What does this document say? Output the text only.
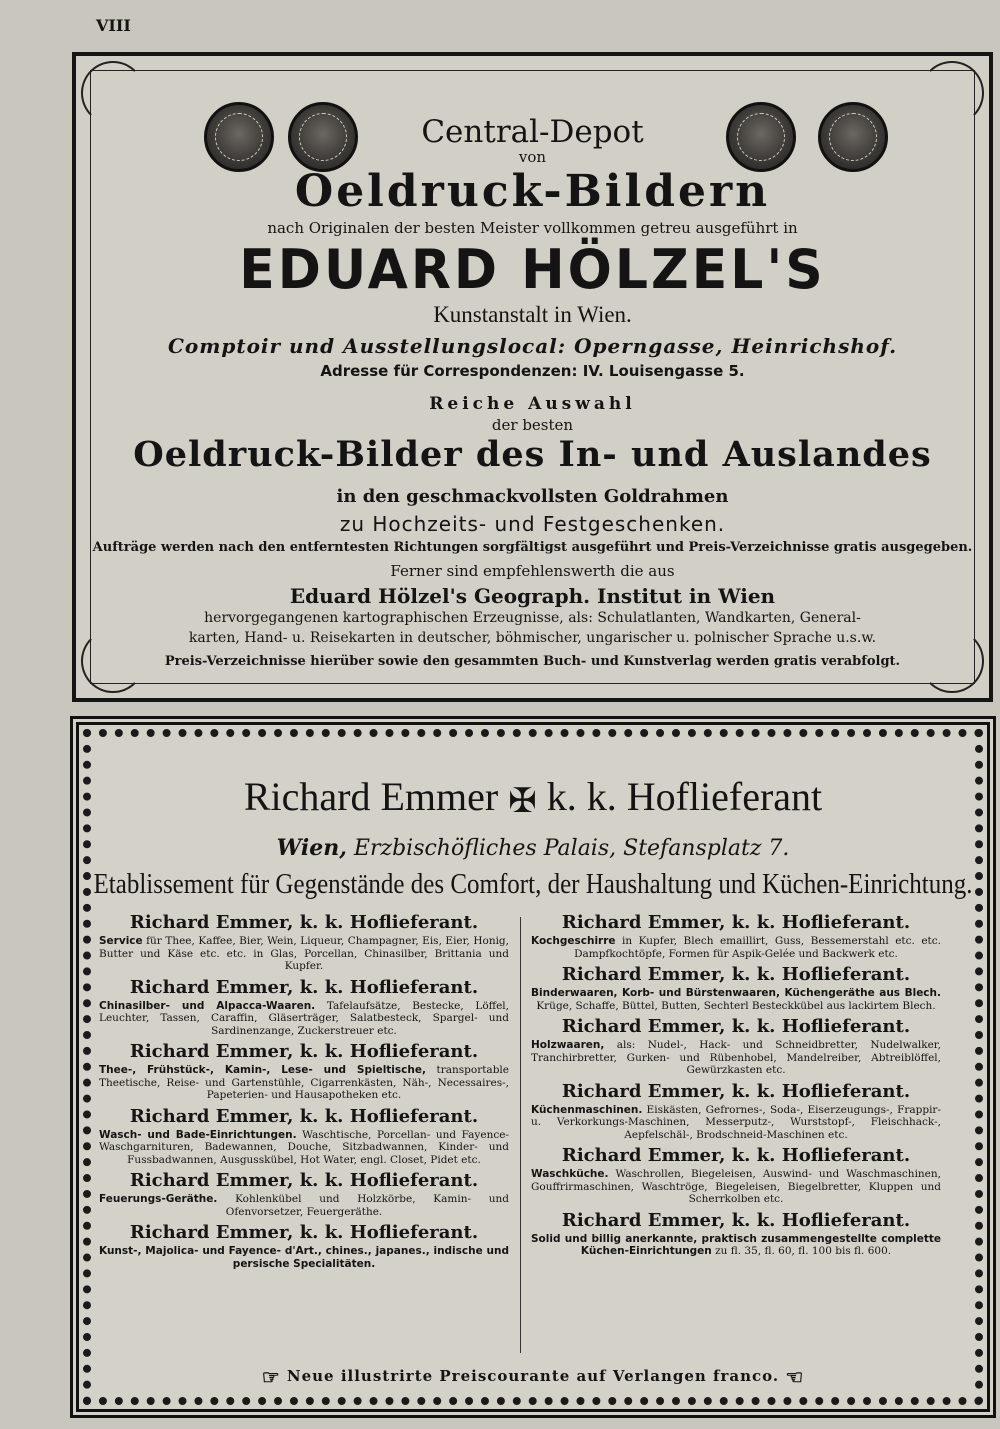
VIII
Central-Depot
von
Oeldruck-Bildern
nach Originalen der besten Meister vollkommen getreu ausgeführt in
EDUARD HÖLZEL'S
Kunstanstalt in Wien.
Comptoir und Ausstellungslocal: Operngasse, Heinrichshof.
Adresse für Correspondenzen: IV. Louisengasse 5.
Reiche Auswahl
der besten
Oeldruck-Bilder des In- und Auslandes
in den geschmackvollsten Goldrahmen
zu Hochzeits- und Festgeschenken.
Aufträge werden nach den entferntesten Richtungen sorgfältigst ausgeführt und Preis-Verzeichnisse gratis ausgegeben.
Ferner sind empfehlenswerth die aus
Eduard Hölzel's Geograph. Institut in Wien
hervorgegangenen kartographischen Erzeugnisse, als: Schulatlanten, Wandkarten, General-
karten, Hand- u. Reisekarten in deutscher, böhmischer, ungarischer u. polnischer Sprache u.s.w.
Preis-Verzeichnisse hierüber sowie den gesammten Buch- und Kunstverlag werden gratis verabfolgt.
Richard Emmer ✠ k. k. Hoflieferant
Wien, Erzbischöfliches Palais, Stefansplatz 7.
Etablissement für Gegenstände des Comfort, der Haushaltung und Küchen-Einrichtung.
Richard Emmer, k. k. Hoflieferant.
Service für Thee, Kaffee, Bier, Wein, Liqueur, Champagner, Eis, Eier, Honig, Butter und Käse etc. etc. in Glas, Porcellan, Chinasilber, Brittania und Kupfer.
Richard Emmer, k. k. Hoflieferant.
Chinasilber- und Alpacca-Waaren. Tafelaufsätze, Bestecke, Löffel, Leuchter, Tassen, Caraffin, Gläserträger, Salatbesteck, Spargel- und Sardinenzange, Zuckerstreuer etc.
Richard Emmer, k. k. Hoflieferant.
Thee-, Frühstück-, Kamin-, Lese- und Spieltische, transportable Theetische, Reise- und Gartenstühle, Cigarrenkästen, Näh-, Necessaires-, Papeterien- und Hausapotheken etc.
Richard Emmer, k. k. Hoflieferant.
Wasch- und Bade-Einrichtungen. Waschtische, Porcellan- und Fayence-Waschgarnituren, Badewannen, Douche, Sitzbadwannen, Kinder- und Fussbadwannen, Ausgusskübel, Hot Water, engl. Closet, Pidet etc.
Richard Emmer, k. k. Hoflieferant.
Feuerungs-Geräthe. Kohlenkübel und Holzkörbe, Kamin- und Ofenvorsetzer, Feuergeräthe.
Richard Emmer, k. k. Hoflieferant.
Kunst-, Majolica- und Fayence- d'Art., chines., japanes., indische und persische Specialitäten.
Richard Emmer, k. k. Hoflieferant.
Kochgeschirre in Kupfer, Blech emaillirt, Guss, Bessemerstahl etc. etc. Dampfkochtöpfe, Formen für Aspik-Gelée und Backwerk etc.
Richard Emmer, k. k. Hoflieferant.
Binderwaaren, Korb- und Bürstenwaaren, Küchengeräthe aus Blech. Krüge, Schaffe, Büttel, Butten, Sechterl Besteckkübel aus lackirtem Blech.
Richard Emmer, k. k. Hoflieferant.
Holzwaaren, als: Nudel-, Hack- und Schneidbretter, Nudelwalker, Tranchirbretter, Gurken- und Rübenhobel, Mandelreiber, Abtreiblöffel, Gewürzkasten etc.
Richard Emmer, k. k. Hoflieferant.
Küchenmaschinen. Eiskästen, Gefrornes-, Soda-, Eiserzeugungs-, Frappir- u. Verkorkungs-Maschinen, Messerputz-, Wurststopf-, Fleischhack-, Aepfelschäl-, Brodschneid-Maschinen etc.
Richard Emmer, k. k. Hoflieferant.
Waschküche. Waschrollen, Biegeleisen, Auswind- und Waschmaschinen, Gouffrirmaschinen, Waschtröge, Biegeleisen, Biegelbretter, Kluppen und Scherrkolben etc.
Richard Emmer, k. k. Hoflieferant.
Solid und billig anerkannte, praktisch zusammengestellte complette Küchen-Einrichtungen zu fl. 35, fl. 60, fl. 100 bis fl. 600.
☞ Neue illustrirte Preiscourante auf Verlangen franco. ☜
